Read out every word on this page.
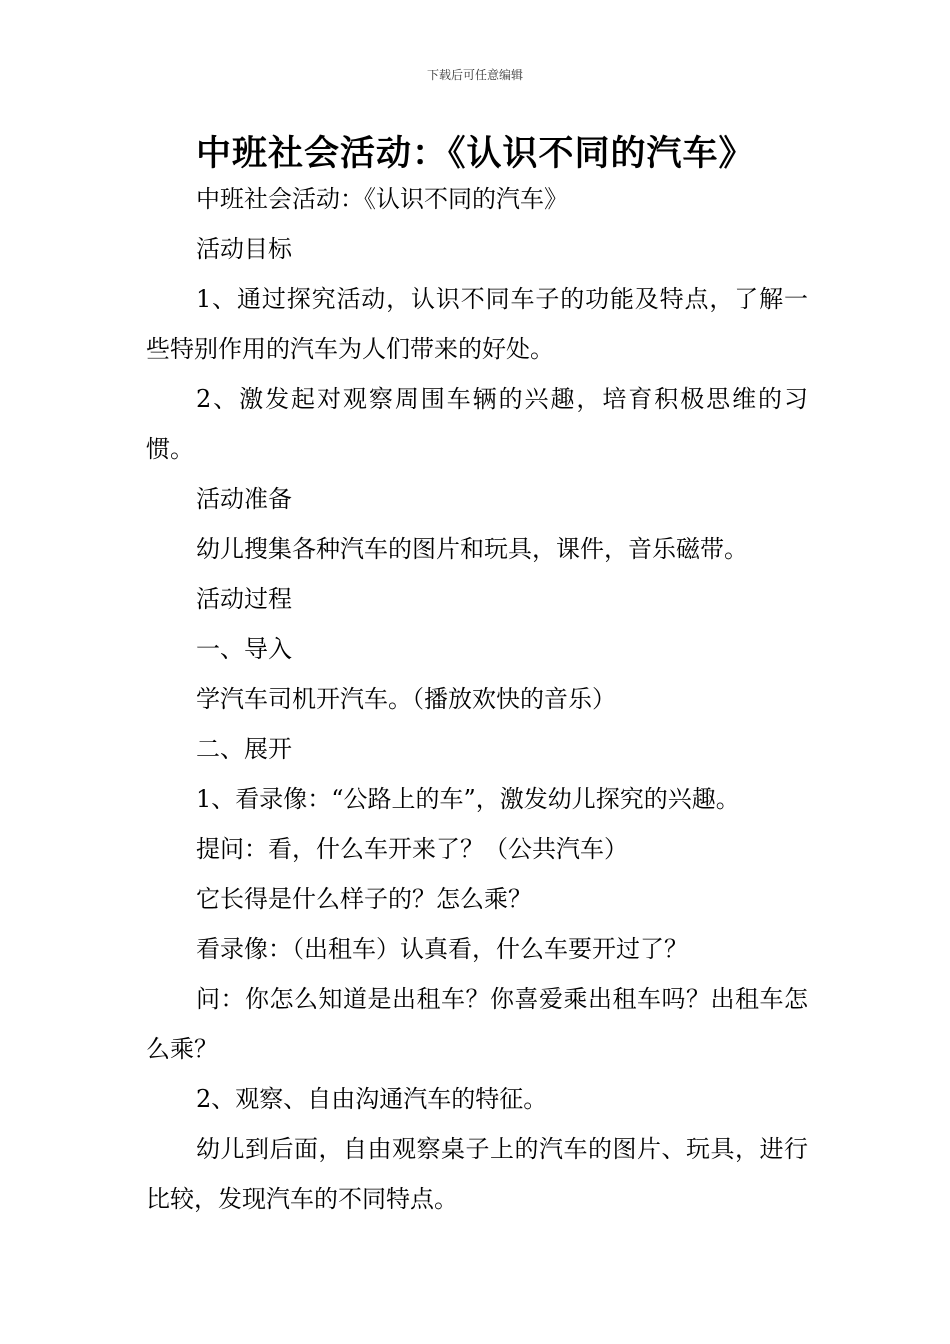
下载后可任意编辑
中班社会活动：《认识不同的汽车》

中班社会活动：《认识不同的汽车》

活动目标

1、通过探究活动，认识不同车子的功能及特点，了解一些特别作用的汽车为人们带来的好处。

2、激发起对观察周围车辆的兴趣，培育积极思维的习惯。

活动准备

幼儿搜集各种汽车的图片和玩具，课件，音乐磁带。

活动过程

一、导入

学汽车司机开汽车。（播放欢快的音乐）

二、展开

1、看录像：“公路上的车”，激发幼儿探究的兴趣。

提问：看，什么车开来了？（公共汽车）

它长得是什么样子的？怎么乘？

看录像：（出租车）认真看，什么车要开过了？

问：你怎么知道是出租车？你喜爱乘出租车吗？出租车怎么乘？

2、观察、自由沟通汽车的特征。

幼儿到后面，自由观察桌子上的汽车的图片、玩具，进行比较，发现汽车的不同特点。
